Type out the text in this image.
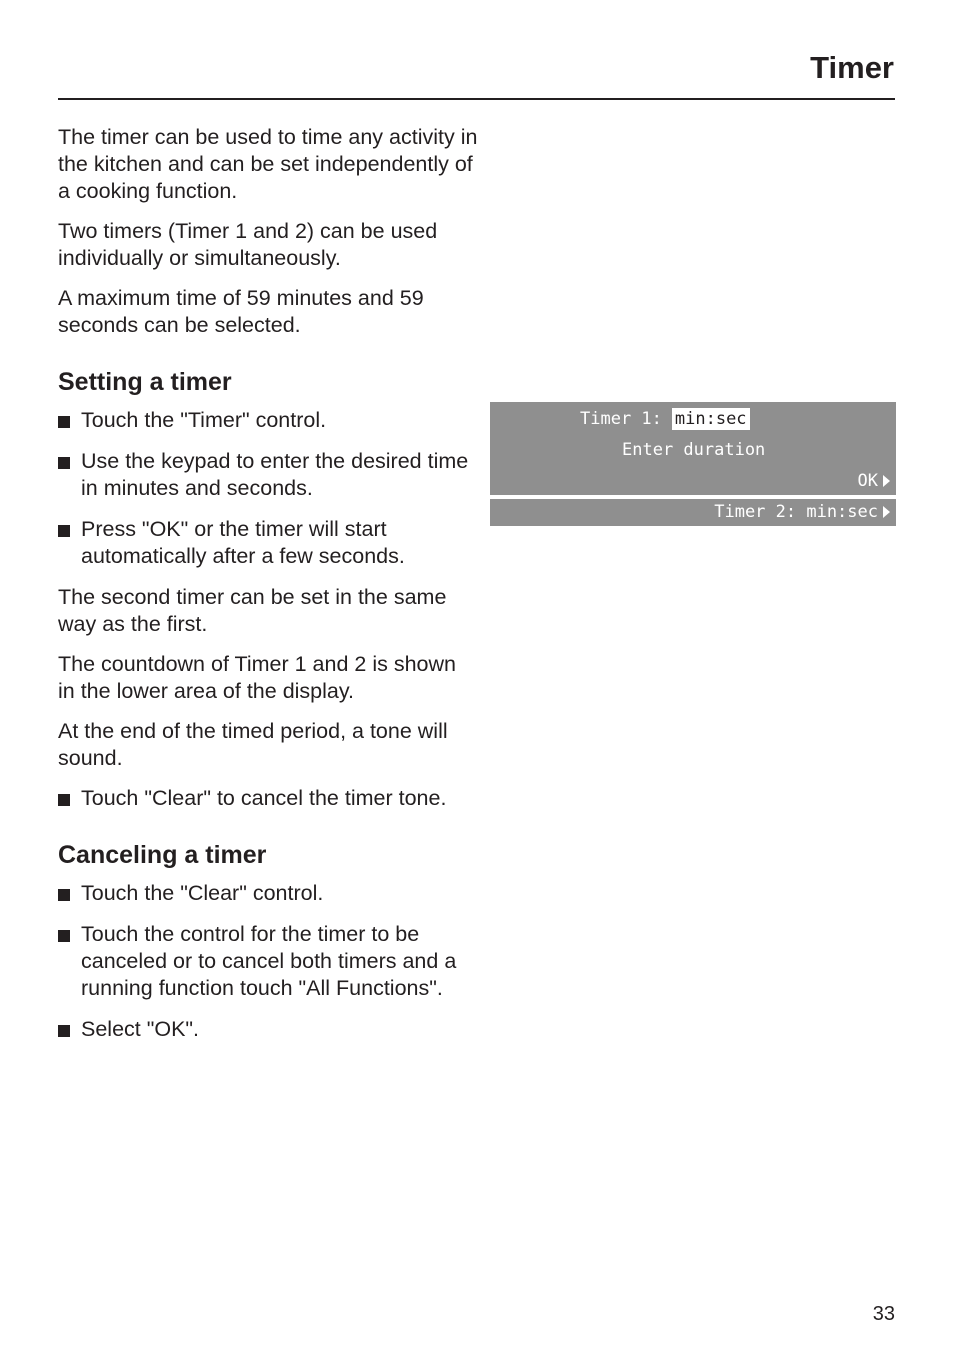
Timer

The timer can be used to time any activity in the kitchen and can be set independently of a cooking function.

Two timers (Timer 1 and 2) can be used individually or simultaneously.

A maximum time of 59 minutes and 59 seconds can be selected.

Setting a timer
Touch the "Timer" control.
Use the keypad to enter the desired time in minutes and seconds.
Press "OK" or the timer will start automatically after a few seconds.

The second timer can be set in the same way as the first.

The countdown of Timer 1 and 2 is shown in the lower area of the display.

At the end of the timed period, a tone will sound.

Touch "Clear" to cancel the timer tone.
Canceling a timer
Touch the "Clear" control.
Touch the control for the timer to be canceled or to cancel both timers and a running function touch "All Functions".
Select "OK".
Timer 1: min:sec
Enter duration
OK
Timer 2: min:sec
33
